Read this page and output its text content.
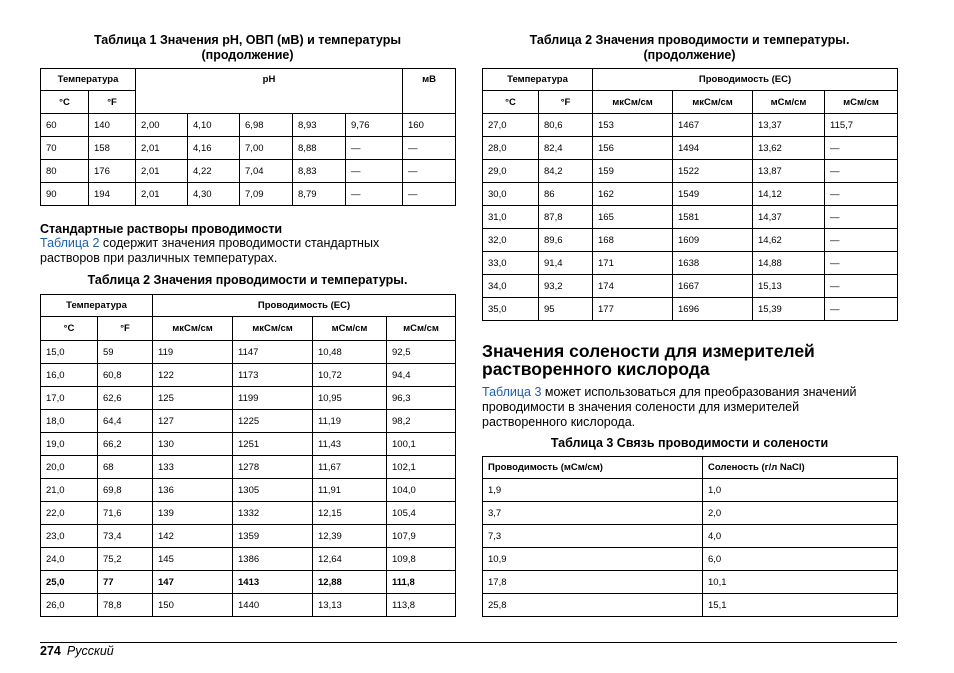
Таблица 1 Значения pH, ОВП (мВ) и температуры
(продолжение)
Температура		pH					мВ
°C	°F						
60	140	2,00	4,10	6,98	8,93	9,76	160
70	158	2,01	4,16	7,00	8,88	—	—
80	176	2,01	4,22	7,04	8,83	—	—
90	194	2,01	4,30	7,09	8,79	—	—
Стандартные растворы проводимости
Таблица 2 содержит значения проводимости стандартных
растворов при различных температурах.
Таблица 2 Значения проводимости и температуры.
Температура		Проводимость (EC)			
°C	°F	мкСм/см	мкСм/см	мСм/см	мСм/см
15,0	59	119	1147	10,48	92,5
16,0	60,8	122	1173	10,72	94,4
17,0	62,6	125	1199	10,95	96,3
18,0	64,4	127	1225	11,19	98,2
19,0	66,2	130	1251	11,43	100,1
20,0	68	133	1278	11,67	102,1
21,0	69,8	136	1305	11,91	104,0
22,0	71,6	139	1332	12,15	105,4
23,0	73,4	142	1359	12,39	107,9
24,0	75,2	145	1386	12,64	109,8
25,0	77	147	1413	12,88	111,8
26,0	78,8	150	1440	13,13	113,8
Таблица 2 Значения проводимости и температуры.
(продолжение)
Температура		Проводимость (EC)			
°C	°F	мкСм/см	мкСм/см	мСм/см	мСм/см
27,0	80,6	153	1467	13,37	115,7
28,0	82,4	156	1494	13,62	—
29,0	84,2	159	1522	13,87	—
30,0	86	162	1549	14,12	—
31,0	87,8	165	1581	14,37	—
32,0	89,6	168	1609	14,62	—
33,0	91,4	171	1638	14,88	—
34,0	93,2	174	1667	15,13	—
35,0	95	177	1696	15,39	—
Значения солености для измерителей
растворенного кислорода
Таблица 3 может использоваться для преобразования значений
проводимости в значения солености для измерителей
растворенного кислорода.
Таблица 3 Связь проводимости и солености
Проводимость (мСм/см)	Соленость (г/л NaCl)
1,9	1,0
3,7	2,0
7,3	4,0
10,9	6,0
17,8	10,1
25,8	15,1
274 Русский
